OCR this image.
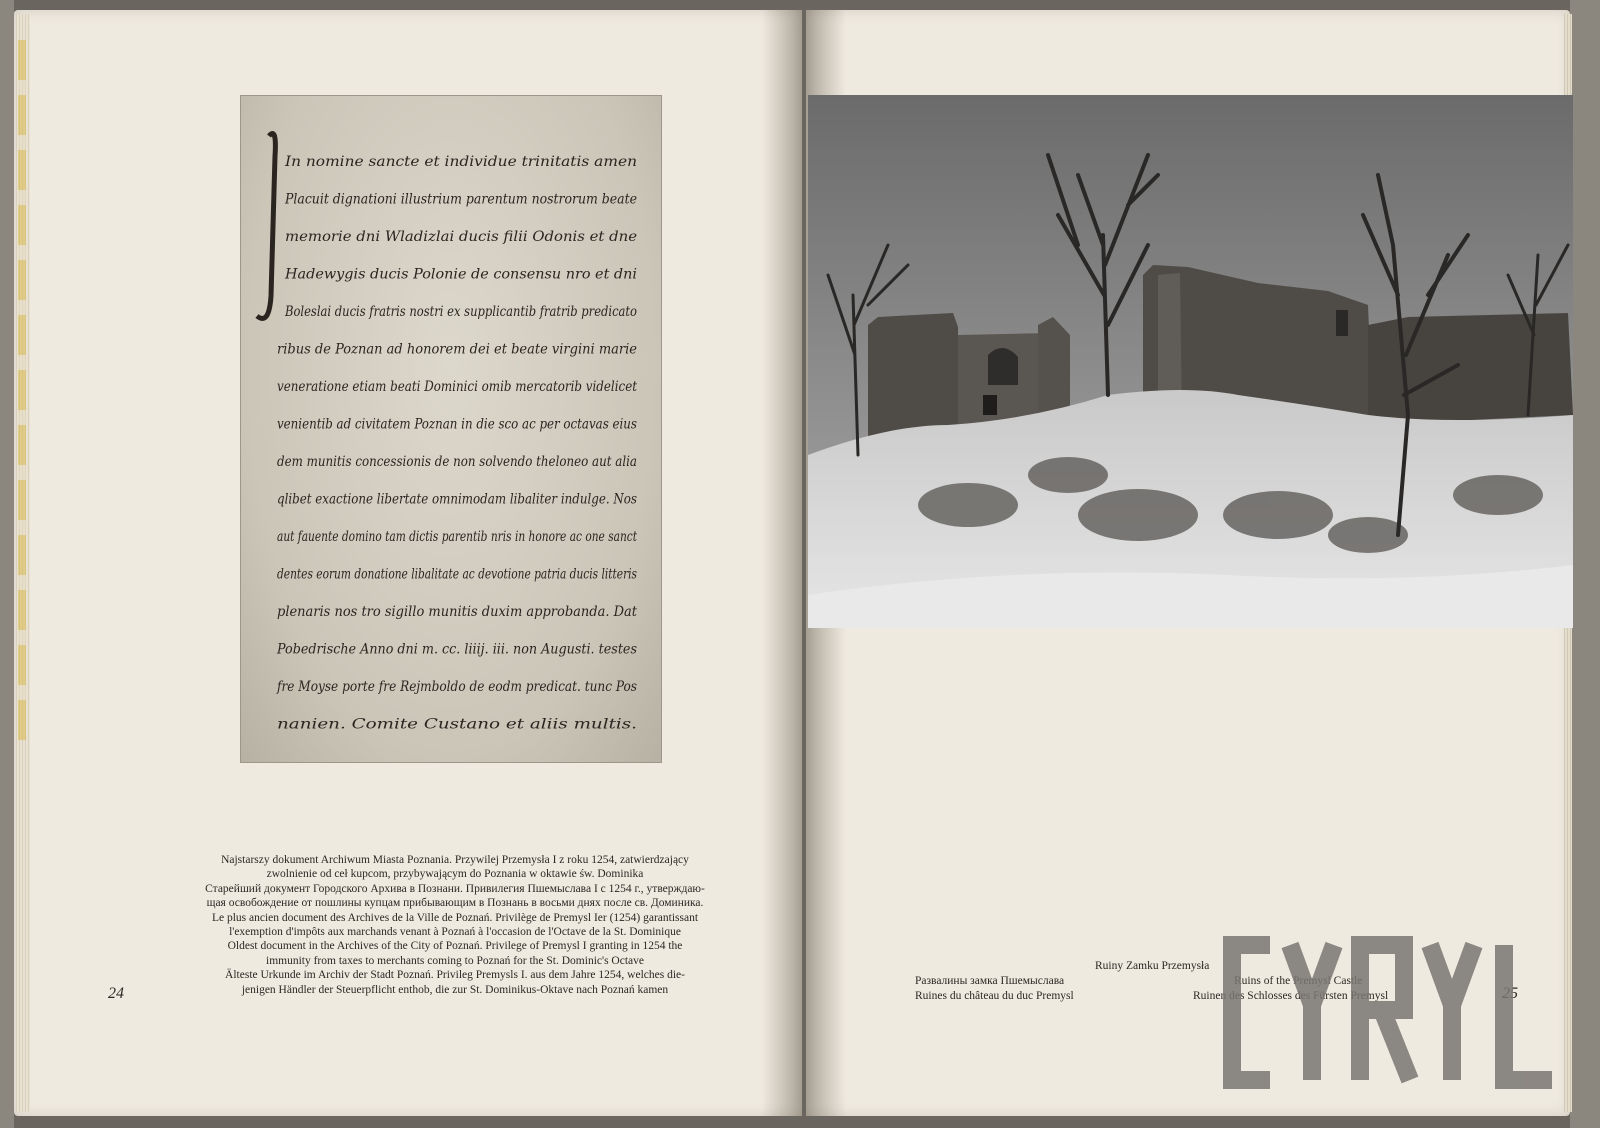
In nomine sancte et individue trinitatis amen
Placuit dignationi illustrium parentum nostrorum beate
memorie dni Wladizlai ducis filii Odonis et dne
Hadewygis ducis Polonie de consensu nro et dni
Boleslai ducis fratris nostri ex supplicantib fratrib predicato
ribus de Poznan ad honorem dei et beate virgini marie
veneratione etiam beati Dominici omib mercatorib videlicet
venientib ad civitatem Poznan in die sco ac per octavas eius
dem munitis concessionis de non solvendo theloneo aut alia
qlibet exactione libertate omnimodam libaliter indulge. Nos
aut fauente domino tam dictis parentib nris in honore ac one sanct
dentes eorum donatione libalitate ac devotione patria ducis litteris
plenaris nos tro sigillo munitis duxim approbanda. Dat
Pobedrische Anno dni m. cc. liiij. iii. non Augusti. testes
fre Moyse porte fre Rejmboldo de eodm predicat. tunc Pos
nanien. Comite Custano et aliis multis.
Najstarszy dokument Archiwum Miasta Poznania. Przywilej Przemysła I z roku 1254, zatwierdzający
zwolnienie od ceł kupcom, przybywającym do Poznania w oktawie św. Dominika
Старейший документ Городского Архива в Познани. Привилегия Пшемыслава I с 1254 г., утверждаю-
щая освобождение от пошлины купцам прибывающим в Познань в восьми днях после св. Доминика.
Le plus ancien document des Archives de la Ville de Poznań. Privilège de Premysl Ier (1254) garantissant
l'exemption d'impôts aux marchands venant à Poznań à l'occasion de l'Octave de la St. Dominique
Oldest document in the Archives of the City of Poznań. Privilege of Premysl I granting in 1254 the
immunity from taxes to merchants coming to Poznań for the St. Dominic's Octave
Älteste Urkunde im Archiv der Stadt Poznań. Privileg Premysls I. aus dem Jahre 1254, welches die-
jenigen Händler der Steuerpflicht enthob, die zur St. Dominikus-Oktave nach Poznań kamen
24
Ruiny Zamku Przemysła
Развалины замка Пшемыслава	Ruins of the Premysl Castle
Ruines du château du duc Premysl	Ruinen des Schlosses des Fürsten Premysl	25
